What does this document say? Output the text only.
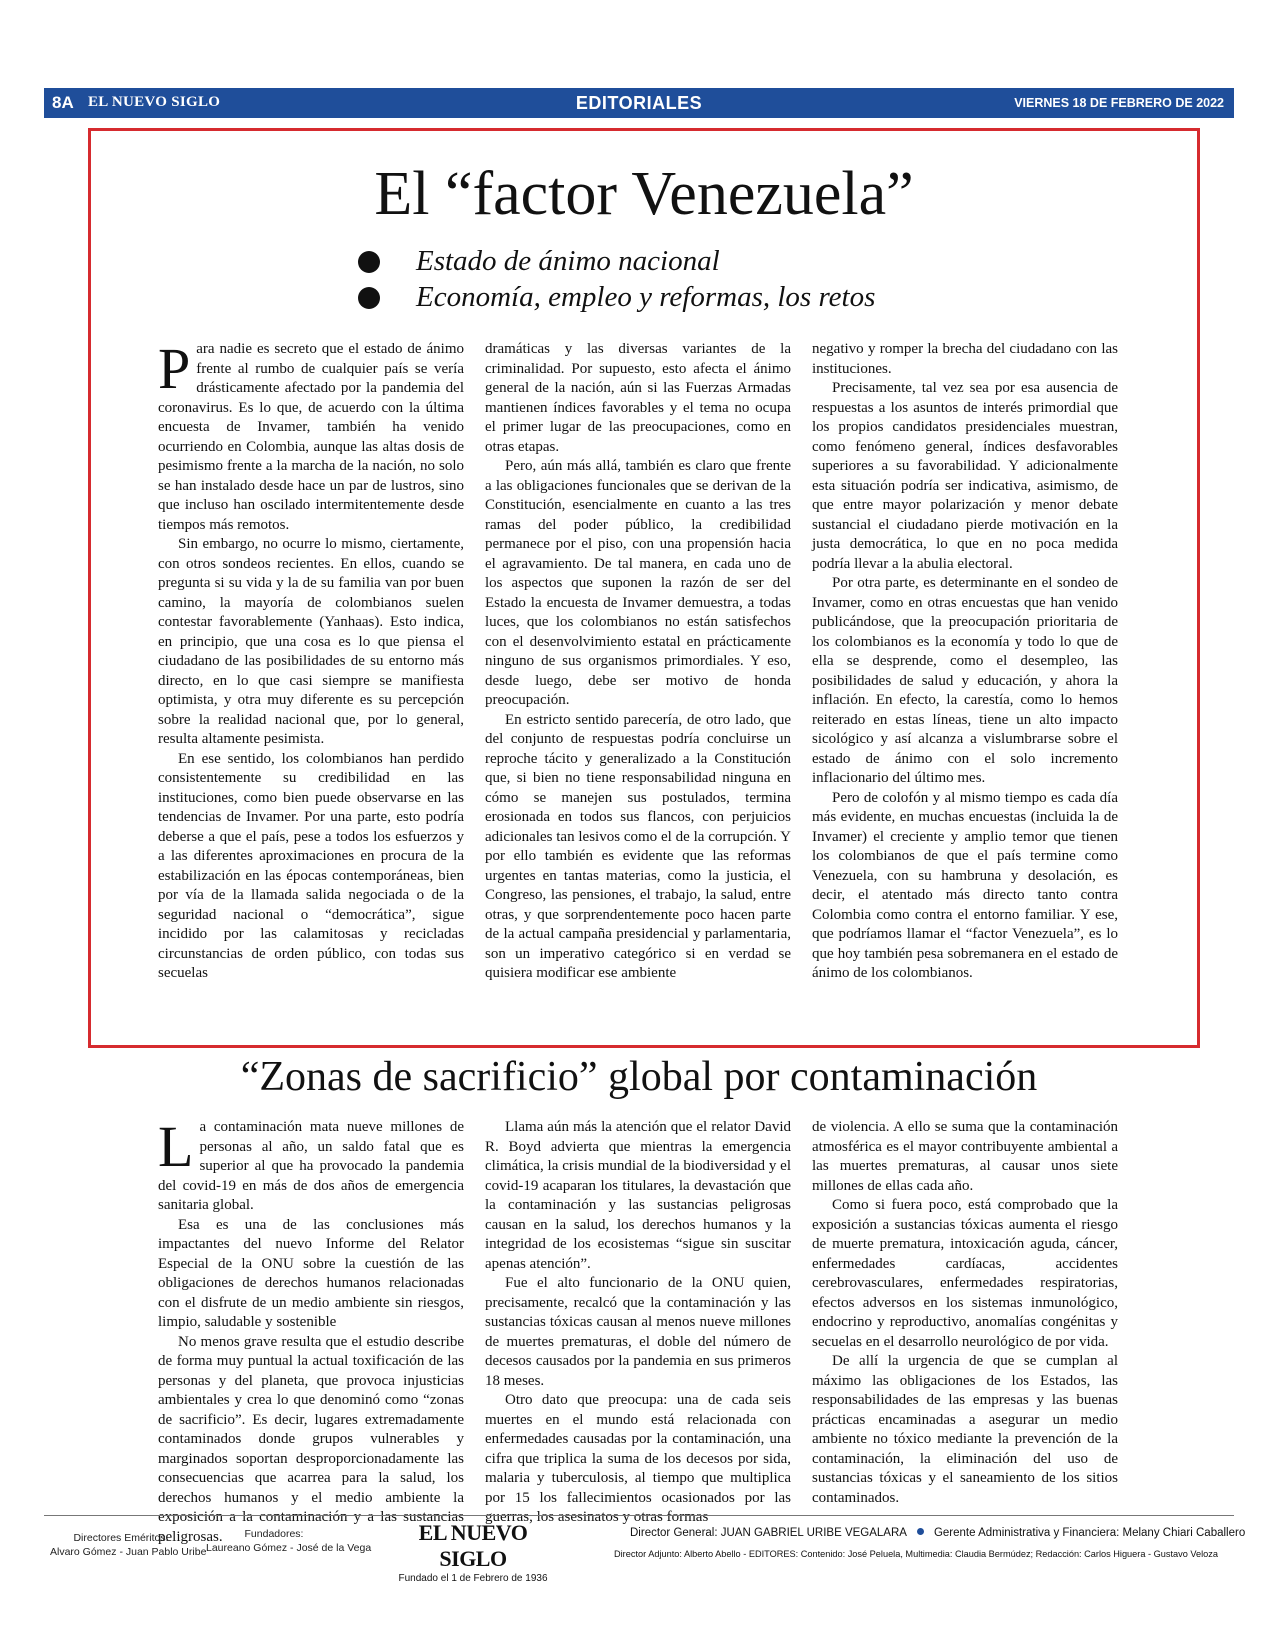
8A EL NUEVO SIGLO	EDITORIALES	VIERNES 18 DE FEBRERO DE 2022
El “factor Venezuela”
Estado de ánimo nacional
Economía, empleo y reformas, los retos

Para nadie es secreto que el estado de ánimo frente al rumbo de cualquier país se vería drásticamente afectado por la pandemia del coronavirus. Es lo que, de acuerdo con la última encuesta de Invamer, también ha venido ocurriendo en Colombia, aunque las altas dosis de pesimismo frente a la marcha de la nación, no solo se han instalado desde hace un par de lustros, sino que incluso han oscilado intermitentemente desde tiempos más remotos.

Sin embargo, no ocurre lo mismo, ciertamente, con otros sondeos recientes. En ellos, cuando se pregunta si su vida y la de su familia van por buen camino, la mayoría de colombianos suelen contestar favorablemente (Yanhaas). Esto indica, en principio, que una cosa es lo que piensa el ciudadano de las posibilidades de su entorno más directo, en lo que casi siempre se manifiesta optimista, y otra muy diferente es su percepción sobre la realidad nacional que, por lo general, resulta altamente pesimista.

En ese sentido, los colombianos han perdido consistentemente su credibilidad en las instituciones, como bien puede observarse en las tendencias de Invamer. Por una parte, esto podría deberse a que el país, pese a todos los esfuerzos y a las diferentes aproximaciones en procura de la estabilización en las épocas contemporáneas, bien por vía de la llamada salida negociada o de la seguridad nacional o “democrática”, sigue incidido por las calamitosas y recicladas circunstancias de orden público, con todas sus secuelas

dramáticas y las diversas variantes de la criminalidad. Por supuesto, esto afecta el ánimo general de la nación, aún si las Fuerzas Armadas mantienen índices favorables y el tema no ocupa el primer lugar de las preocupaciones, como en otras etapas.

Pero, aún más allá, también es claro que frente a las obligaciones funcionales que se derivan de la Constitución, esencialmente en cuanto a las tres ramas del poder público, la credibilidad permanece por el piso, con una propensión hacia el agravamiento. De tal manera, en cada uno de los aspectos que suponen la razón de ser del Estado la encuesta de Invamer demuestra, a todas luces, que los colombianos no están satisfechos con el desenvolvimiento estatal en prácticamente ninguno de sus organismos primordiales. Y eso, desde luego, debe ser motivo de honda preocupación.

En estricto sentido parecería, de otro lado, que del conjunto de respuestas podría concluirse un reproche tácito y generalizado a la Constitución que, si bien no tiene responsabilidad ninguna en cómo se manejen sus postulados, termina erosionada en todos sus flancos, con perjuicios adicionales tan lesivos como el de la corrupción. Y por ello también es evidente que las reformas urgentes en tantas materias, como la justicia, el Congreso, las pensiones, el trabajo, la salud, entre otras, y que sorprendentemente poco hacen parte de la actual campaña presidencial y parlamentaria, son un imperativo categórico si en verdad se quisiera modificar ese ambiente

negativo y romper la brecha del ciudadano con las instituciones.

Precisamente, tal vez sea por esa ausencia de respuestas a los asuntos de interés primordial que los propios candidatos presidenciales muestran, como fenómeno general, índices desfavorables superiores a su favorabilidad. Y adicionalmente esta situación podría ser indicativa, asimismo, de que entre mayor polarización y menor debate sustancial el ciudadano pierde motivación en la justa democrática, lo que en no poca medida podría llevar a la abulia electoral.

Por otra parte, es determinante en el sondeo de Invamer, como en otras encuestas que han venido publicándose, que la preocupación prioritaria de los colombianos es la economía y todo lo que de ella se desprende, como el desempleo, las posibilidades de salud y educación, y ahora la inflación. En efecto, la carestía, como lo hemos reiterado en estas líneas, tiene un alto impacto sicológico y así alcanza a vislumbrarse sobre el estado de ánimo con el solo incremento inflacionario del último mes.

Pero de colofón y al mismo tiempo es cada día más evidente, en muchas encuestas (incluida la de Invamer) el creciente y amplio temor que tienen los colombianos de que el país termine como Venezuela, con su hambruna y desolación, es decir, el atentado más directo tanto contra Colombia como contra el entorno familiar. Y ese, que podríamos llamar el “factor Venezuela”, es lo que hoy también pesa sobremanera en el estado de ánimo de los colombianos.

“Zonas de sacrificio” global por contaminación

La contaminación mata nueve millones de personas al año, un saldo fatal que es superior al que ha provocado la pandemia del covid-19 en más de dos años de emergencia sanitaria global.

Esa es una de las conclusiones más impactantes del nuevo Informe del Relator Especial de la ONU sobre la cuestión de las obligaciones de derechos humanos relacionadas con el disfrute de un medio ambiente sin riesgos, limpio, saludable y sostenible

No menos grave resulta que el estudio describe de forma muy puntual la actual toxificación de las personas y del planeta, que provoca injusticias ambientales y crea lo que denominó como “zonas de sacrificio”. Es decir, lugares extremadamente contaminados donde grupos vulnerables y marginados soportan desproporcionadamente las consecuencias que acarrea para la salud, los derechos humanos y el medio ambiente la exposición a la contaminación y a las sustancias peligrosas.

Llama aún más la atención que el relator David R. Boyd advierta que mientras la emergencia climática, la crisis mundial de la biodiversidad y el covid-19 acaparan los titulares, la devastación que la contaminación y las sustancias peligrosas causan en la salud, los derechos humanos y la integridad de los ecosistemas “sigue sin suscitar apenas atención”.

Fue el alto funcionario de la ONU quien, precisamente, recalcó que la contaminación y las sustancias tóxicas causan al menos nueve millones de muertes prematuras, el doble del número de decesos causados por la pandemia en sus primeros 18 meses.

Otro dato que preocupa: una de cada seis muertes en el mundo está relacionada con enfermedades causadas por la contaminación, una cifra que triplica la suma de los decesos por sida, malaria y tuberculosis, al tiempo que multiplica por 15 los fallecimientos ocasionados por las guerras, los asesinatos y otras formas

de violencia. A ello se suma que la contaminación atmosférica es el mayor contribuyente ambiental a las muertes prematuras, al causar unos siete millones de ellas cada año.

Como si fuera poco, está comprobado que la exposición a sustancias tóxicas aumenta el riesgo de muerte prematura, intoxicación aguda, cáncer, enfermedades cardíacas, accidentes cerebrovasculares, enfermedades respiratorias, efectos adversos en los sistemas inmunológico, endocrino y reproductivo, anomalías congénitas y secuelas en el desarrollo neurológico de por vida.

De allí la urgencia de que se cumplan al máximo las obligaciones de los Estados, las responsabilidades de las empresas y las buenas prácticas encaminadas a asegurar un medio ambiente no tóxico mediante la prevención de la contaminación, la eliminación del uso de sustancias tóxicas y el saneamiento de los sitios contaminados.

Directores Eméritos:
Alvaro Gómez - Juan Pablo Uribe
Fundadores:
Laureano Gómez - José de la Vega
EL NUEVO SIGLO
Fundado el 1 de Febrero de 1936
Director General: JUAN GABRIEL URIBE VEGALARA Gerente Administrativa y Financiera: Melany Chiari Caballero
Director Adjunto: Alberto Abello - EDITORES: Contenido: José Peluela, Multimedia: Claudia Bermúdez; Redacción: Carlos Higuera - Gustavo Veloza
